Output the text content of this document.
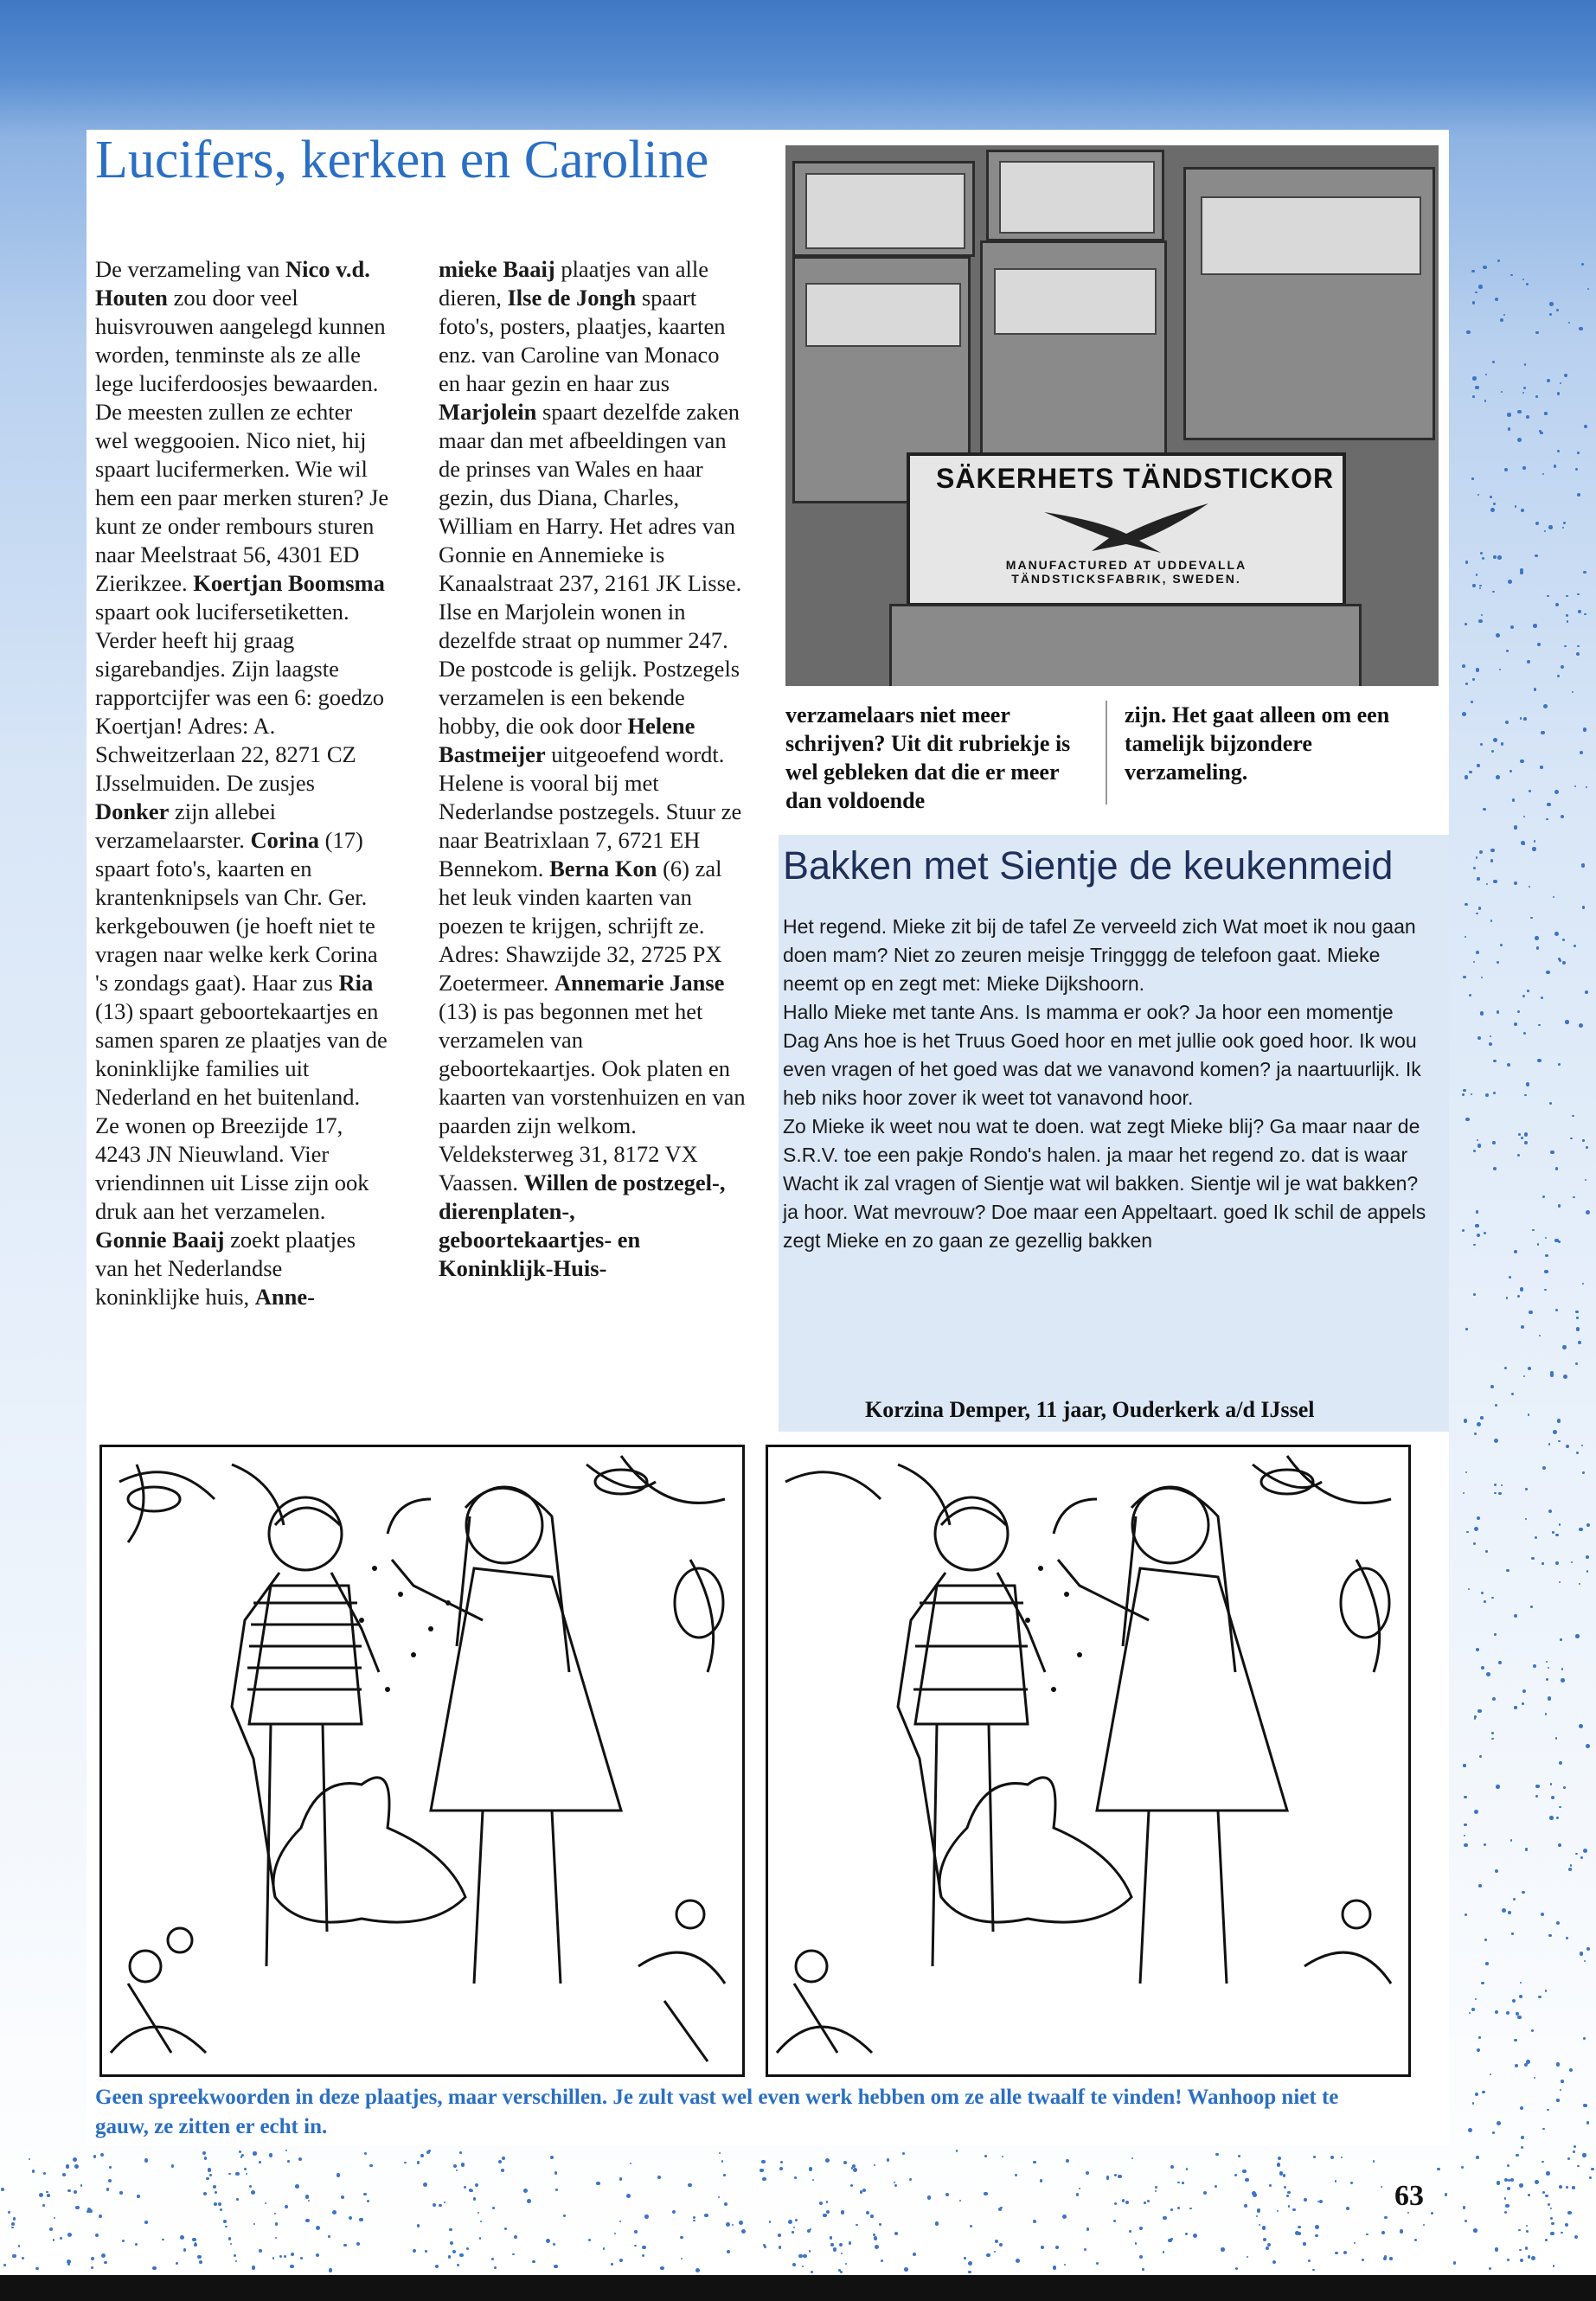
Lucifers, kerken en Caroline
De verzameling van Nico v.d. Houten zou door veel huisvrouwen aangelegd kunnen worden, tenminste als ze alle lege luciferdoosjes bewaarden. De meesten zullen ze echter wel weggooien. Nico niet, hij spaart lucifermerken. Wie wil hem een paar merken sturen? Je kunt ze onder rembours sturen naar Meelstraat 56, 4301 ED Zierikzee. Koertjan Boomsma spaart ook lucifersetiketten. Verder heeft hij graag sigarebandjes. Zijn laagste rapportcijfer was een 6: goedzo Koertjan! Adres: A. Schweitzerlaan 22, 8271 CZ IJsselmuiden. De zusjes Donker zijn allebei verzamelaarster. Corina (17) spaart foto's, kaarten en krantenknipsels van Chr. Ger. kerkgebouwen (je hoeft niet te vragen naar welke kerk Corina 's zondags gaat). Haar zus Ria (13) spaart geboortekaartjes en samen sparen ze plaatjes van de koninklijke families uit Nederland en het buitenland. Ze wonen op Breezijde 17, 4243 JN Nieuwland. Vier vriendinnen uit Lisse zijn ook druk aan het verzamelen. Gonnie Baaij zoekt plaatjes van het Nederlandse koninklijke huis, Anne-
mieke Baaij plaatjes van alle dieren, Ilse de Jongh spaart foto's, posters, plaatjes, kaarten enz. van Caroline van Monaco en haar gezin en haar zus Marjolein spaart dezelfde zaken maar dan met afbeeldingen van de prinses van Wales en haar gezin, dus Diana, Charles, William en Harry. Het adres van Gonnie en Annemieke is Kanaalstraat 237, 2161 JK Lisse. Ilse en Marjolein wonen in dezelfde straat op nummer 247. De postcode is gelijk. Postzegels verzamelen is een bekende hobby, die ook door Helene Bastmeijer uitgeoefend wordt. Helene is vooral bij met Nederlandse postzegels. Stuur ze naar Beatrixlaan 7, 6721 EH Bennekom. Berna Kon (6) zal het leuk vinden kaarten van poezen te krijgen, schrijft ze. Adres: Shawzijde 32, 2725 PX Zoetermeer. Annemarie Janse (13) is pas begonnen met het verzamelen van geboortekaartjes. Ook platen en kaarten van vorstenhuizen en van paarden zijn welkom. Veldeksterweg 31, 8172 VX Vaassen. Willen de postzegel-, dierenplaten-, geboortekaartjes- en Koninklijk-Huis-
SÄKERHETS TÄNDSTICKOR
MANUFACTURED AT UDDEVALLA TÄNDSTICKSFABRIK, SWEDEN.
verzamelaars niet meer schrijven? Uit dit rubriekje is wel gebleken dat die er meer dan voldoende
zijn. Het gaat alleen om een tamelijk bijzondere verzameling.
Bakken met Sientje de keukenmeid
Het regend. Mieke zit bij de tafel Ze verveeld zich Wat moet ik nou gaan doen mam? Niet zo zeuren meisje Tringggg de telefoon gaat. Mieke neemt op en zegt met: Mieke Dijkshoorn.
Hallo Mieke met tante Ans. Is mamma er ook? Ja hoor een momentje
Dag Ans hoe is het Truus Goed hoor en met jullie ook goed hoor. Ik wou even vragen of het goed was dat we vanavond komen? ja naartuurlijk. Ik heb niks hoor zover ik weet tot vanavond hoor.
Zo Mieke ik weet nou wat te doen. wat zegt Mieke blij? Ga maar naar de S.R.V. toe een pakje Rondo's halen. ja maar het regend zo. dat is waar Wacht ik zal vragen of Sientje wat wil bakken. Sientje wil je wat bakken? ja hoor. Wat mevrouw? Doe maar een Appeltaart. goed Ik schil de appels zegt Mieke en zo gaan ze gezellig bakken
Korzina Demper, 11 jaar, Ouderkerk a/d IJssel
Geen spreekwoorden in deze plaatjes, maar verschillen. Je zult vast wel even werk hebben om ze alle twaalf te vinden! Wanhoop niet te gauw, ze zitten er echt in.
63
